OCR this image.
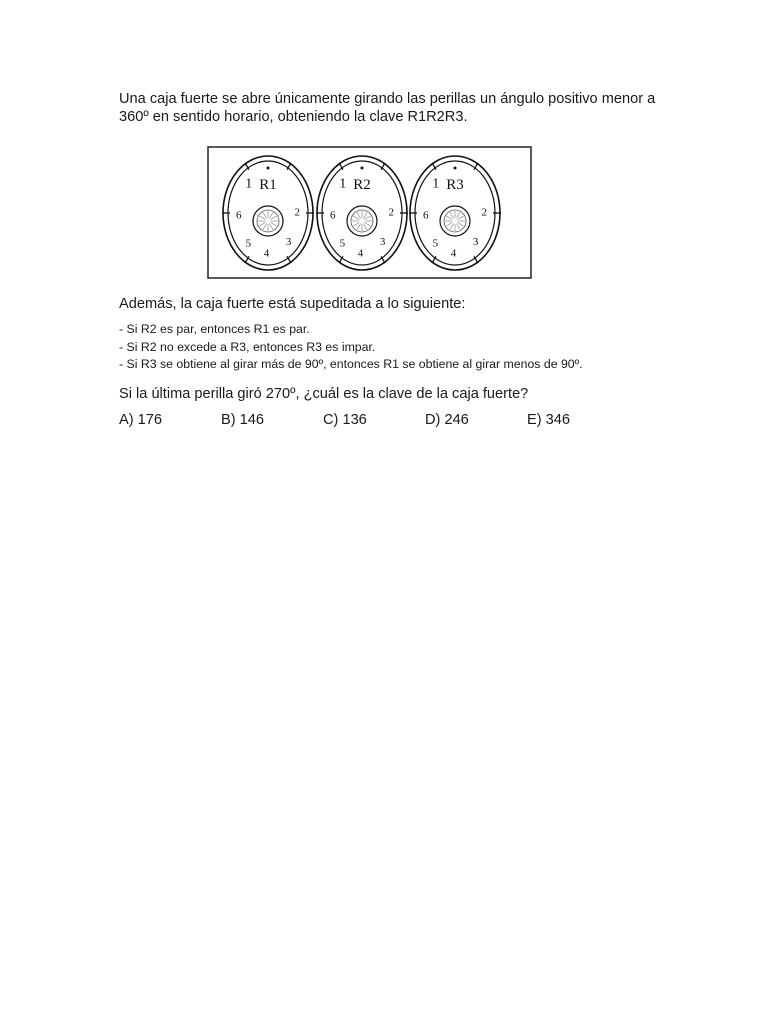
Una caja fuerte se abre únicamente girando las perillas un ángulo positivo menor a
360º en sentido horario, obteniendo la clave R1R2R3.

R1
1
2
3
4
5
6
R2
1
2
3
4
5
6
R3
1
2
3
4
5
6

Además, la caja fuerte está supeditada a lo siguiente:

- Si R2 es par, entonces R1 es par.
- Si R2 no excede a R3, entonces R3 es impar.
- Si R3 se obtiene al girar más de 90º, entonces R1 se obtiene al girar menos de 90º.

Si la última perilla giró 270º, ¿cuál es la clave de la caja fuerte?

A) 176	B) 146	C) 136	D) 246	E) 346
